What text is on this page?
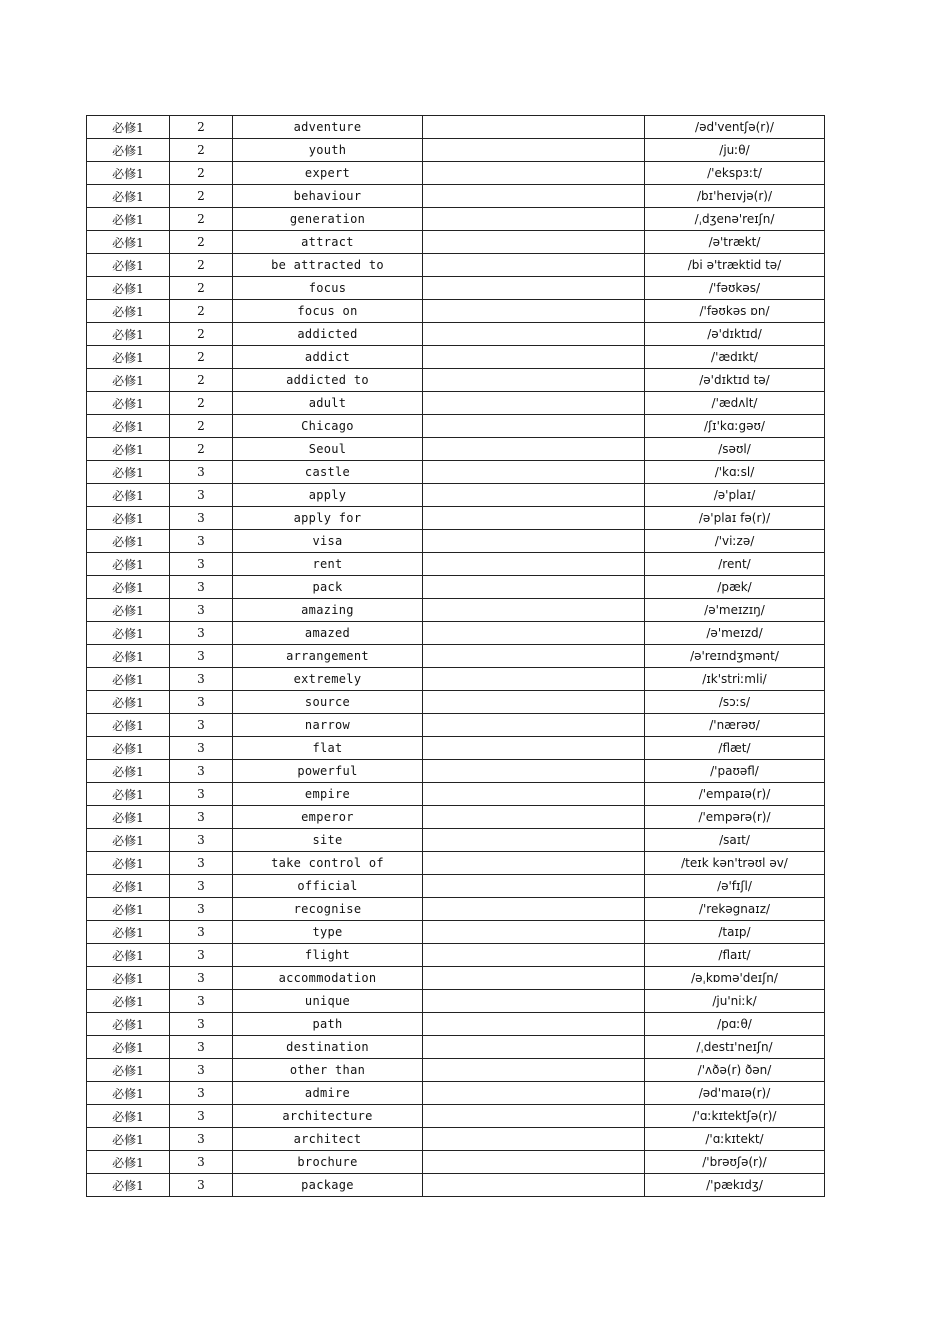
必修1	2	adventure		/əd'ventʃə(r)/
必修1	2	youth		/juːθ/
必修1	2	expert		/'ekspɜːt/
必修1	2	behaviour		/bɪ'heɪvjə(r)/
必修1	2	generation		/ˌdʒenə'reɪʃn/
必修1	2	attract		/ə'trækt/
必修1	2	be attracted to		/bi ə'træktid tə/
必修1	2	focus		/'fəʊkəs/
必修1	2	focus on		/'fəʊkəs ɒn/
必修1	2	addicted		/ə'dɪktɪd/
必修1	2	addict		/'ædɪkt/
必修1	2	addicted to		/ə'dɪktɪd tə/
必修1	2	adult		/'ædʌlt/
必修1	2	Chicago		/ʃɪ'kɑːgəʊ/
必修1	2	Seoul		/səʊl/
必修1	3	castle		/'kɑːsl/
必修1	3	apply		/ə'plaɪ/
必修1	3	apply for		/ə'plaɪ fə(r)/
必修1	3	visa		/'viːzə/
必修1	3	rent		/rent/
必修1	3	pack		/pæk/
必修1	3	amazing		/ə'meɪzɪŋ/
必修1	3	amazed		/ə'meɪzd/
必修1	3	arrangement		/ə'reɪndʒmənt/
必修1	3	extremely		/ɪk'striːmli/
必修1	3	source		/sɔːs/
必修1	3	narrow		/'nærəʊ/
必修1	3	flat		/flæt/
必修1	3	powerful		/'paʊəfl/
必修1	3	empire		/'empaɪə(r)/
必修1	3	emperor		/'empərə(r)/
必修1	3	site		/saɪt/
必修1	3	take control of		/teɪk kən'trəʊl əv/
必修1	3	official		/ə'fɪʃl/
必修1	3	recognise		/'rekəgnaɪz/
必修1	3	type		/taɪp/
必修1	3	flight		/flaɪt/
必修1	3	accommodation		/əˌkɒmə'deɪʃn/
必修1	3	unique		/ju'niːk/
必修1	3	path		/pɑːθ/
必修1	3	destination		/ˌdestɪ'neɪʃn/
必修1	3	other than		/'ʌðə(r) ðən/
必修1	3	admire		/əd'maɪə(r)/
必修1	3	architecture		/'ɑːkɪtektʃə(r)/
必修1	3	architect		/'ɑːkɪtekt/
必修1	3	brochure		/'brəʊʃə(r)/
必修1	3	package		/'pækɪdʒ/
